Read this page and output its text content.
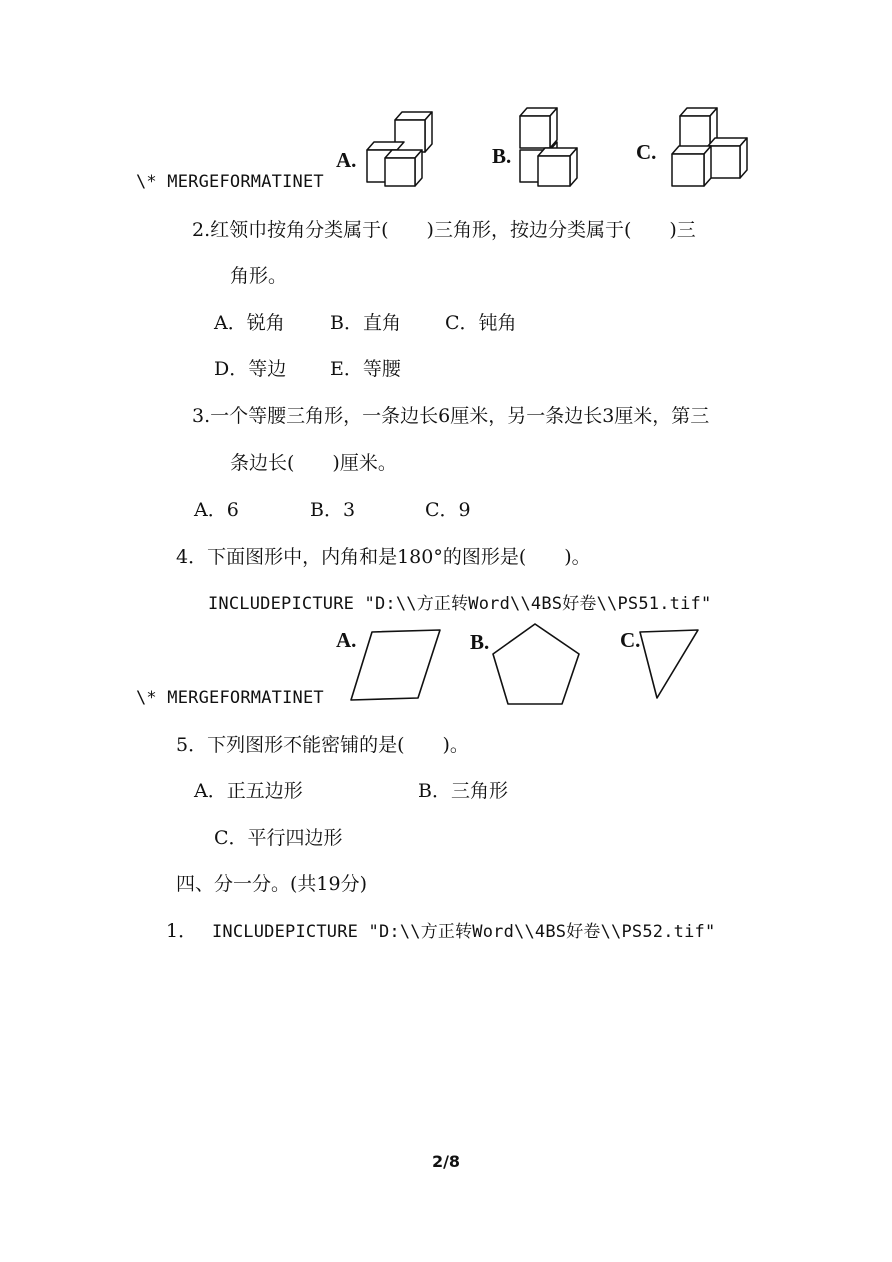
A.	B.	C.
\* MERGEFORMATINET
2.红领巾按角分类属于(　　)三角形，按边分类属于(　　)三
角形。
A．锐角 B．直角 C．钝角
D．等边 E．等腰
3.一个等腰三角形，一条边长6厘米，另一条边长3厘米，第三
条边长(　　)厘米。
A．6	B．3	C．9
4．下面图形中，内角和是180°的图形是(　　)。
INCLUDEPICTURE "D:\\方正转Word\\4BS好卷\\PS51.tif"
A.	B.	C.
\* MERGEFORMATINET
5．下列图形不能密铺的是(　　)。
A．正五边形	B．三角形
C．平行四边形
四、分一分。(共19分)
1． INCLUDEPICTURE "D:\\方正转Word\\4BS好卷\\PS52.tif"
2/8
